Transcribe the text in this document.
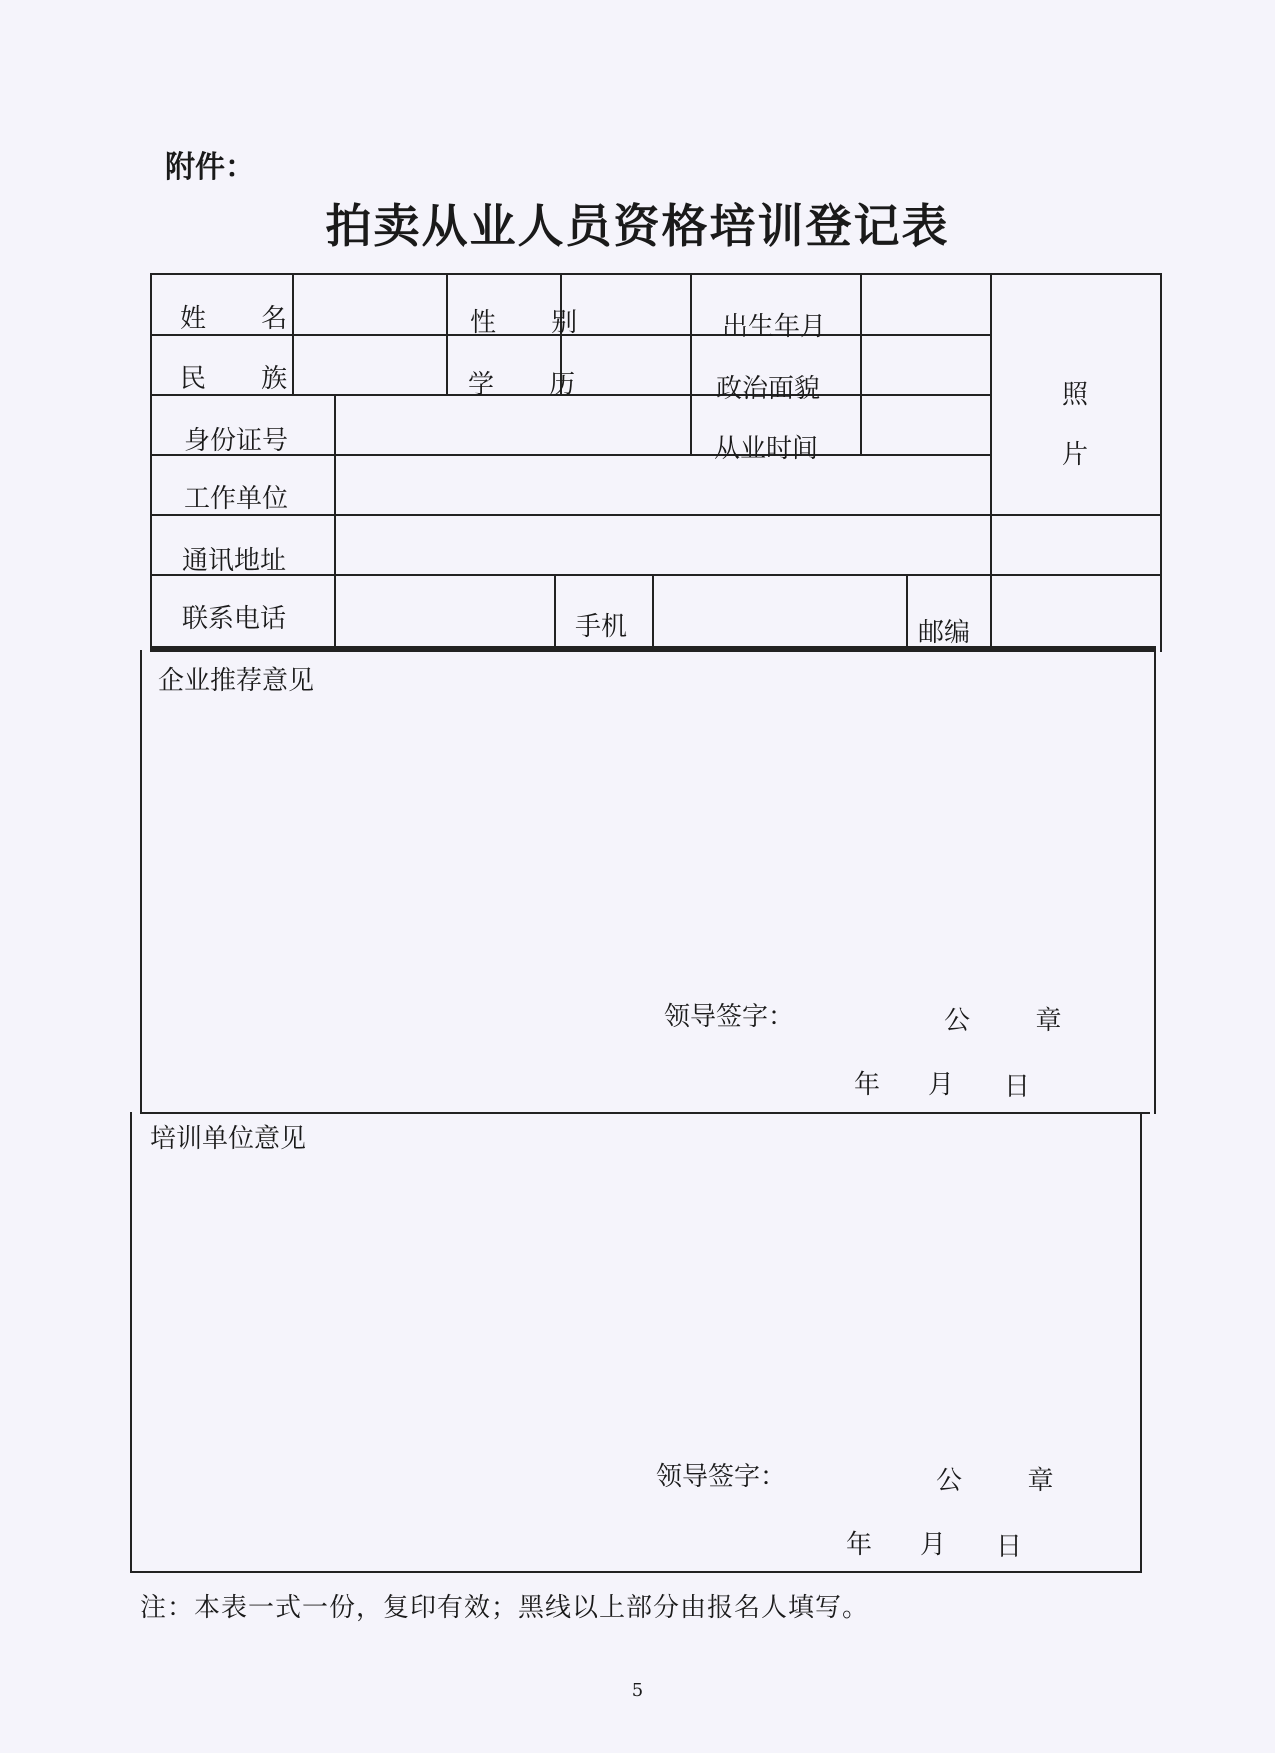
附件：
拍卖从业人员资格培训登记表
姓 名	性 别	出生年月
民 族	学 历	政治面貌
身份证号	从业时间
工作单位
通讯地址
联系电话	手机	邮编
照
片
企业推荐意见
领导签字：	公 章
年 月 日
培训单位意见
领导签字：	公 章
年 月 日
注：本表一式一份，复印有效；黑线以上部分由报名人填写。
5
